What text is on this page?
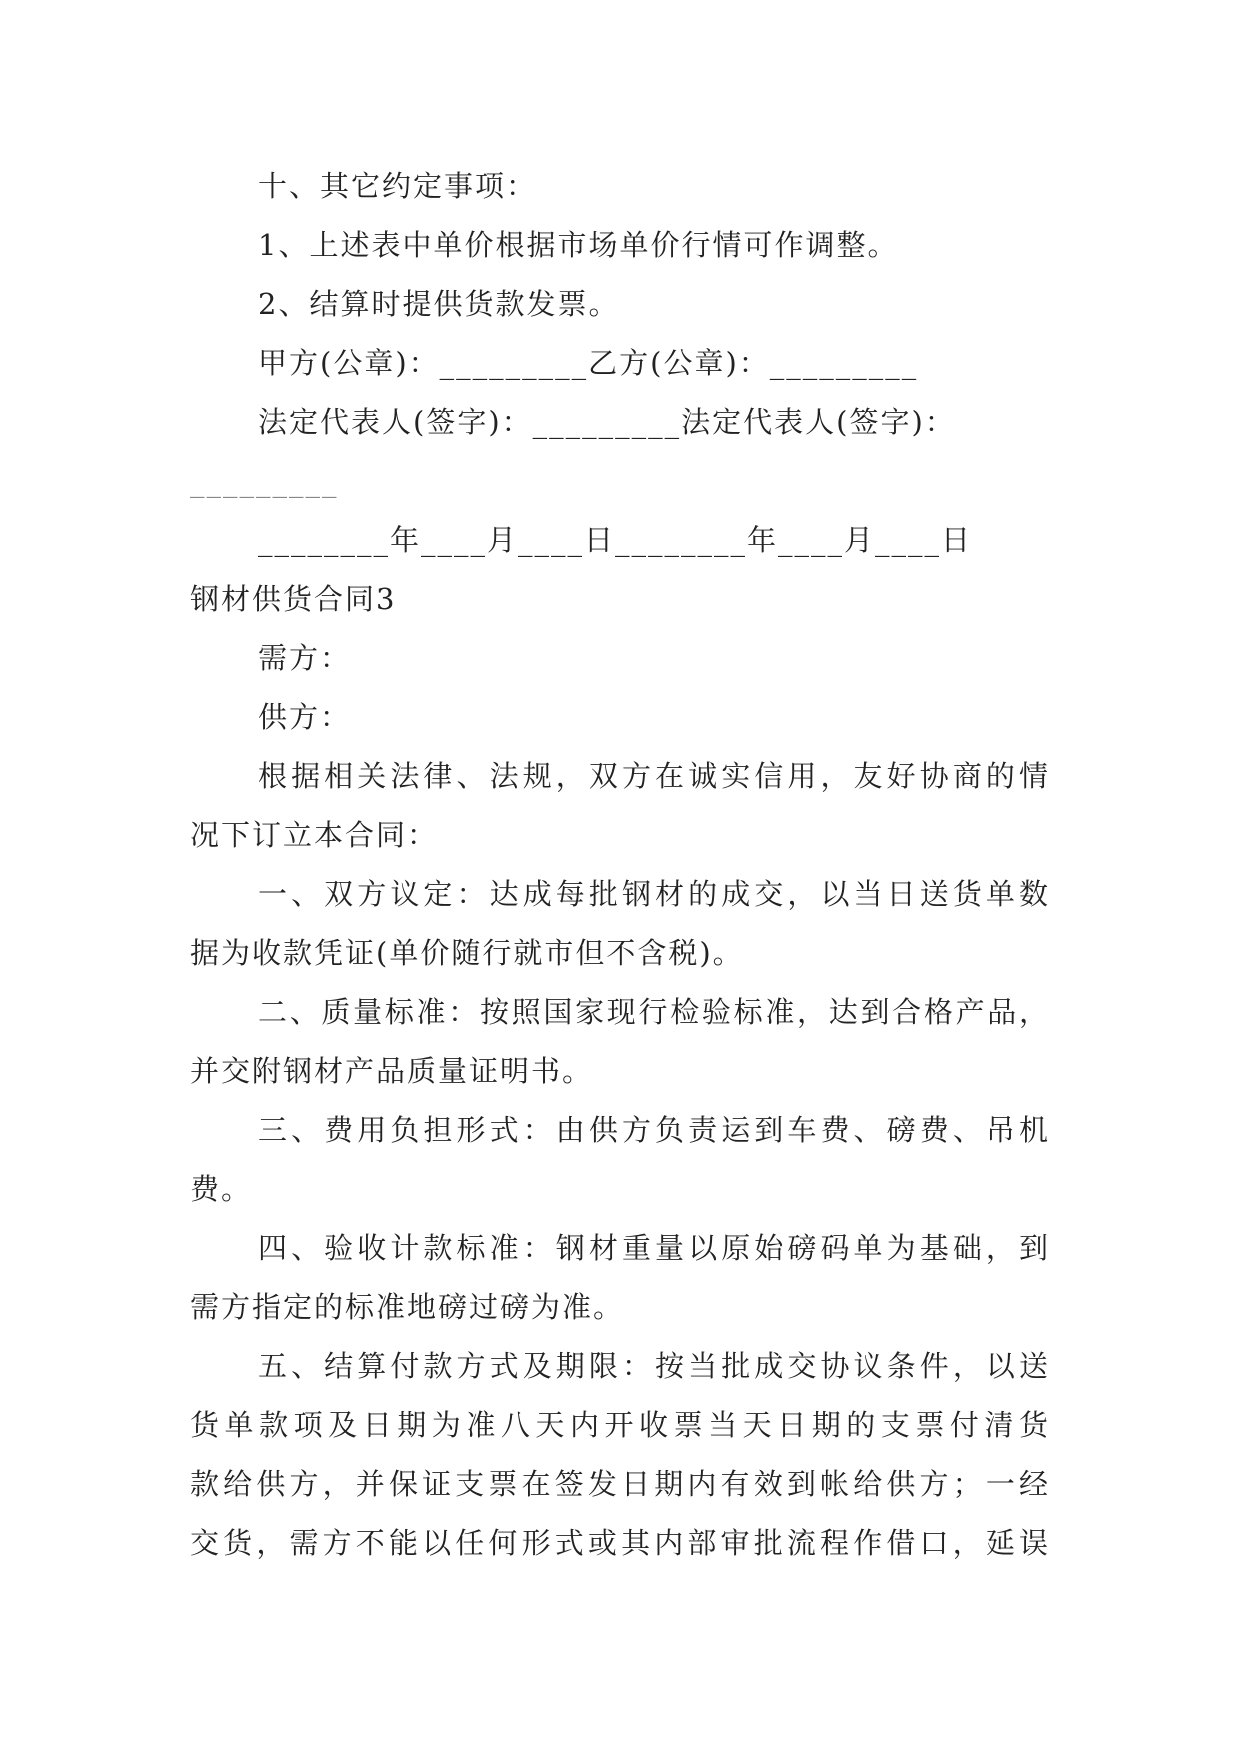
十、其它约定事项：
1、上述表中单价根据市场单价行情可作调整。
2、结算时提供货款发票。
甲方(公章)：_________乙方(公章)：_________
法定代表人(签字)：_________法定代表人(签字)：
_________
________年____月____日________年____月____日
钢材供货合同3
需方：
供方：
根据相关法律、法规，双方在诚实信用，友好协商的情
况下订立本合同：
一、双方议定：达成每批钢材的成交，以当日送货单数
据为收款凭证(单价随行就市但不含税)。
二、质量标准：按照国家现行检验标准，达到合格产品，
并交附钢材产品质量证明书。
三、费用负担形式：由供方负责运到车费、磅费、吊机
费。
四、验收计款标准：钢材重量以原始磅码单为基础，到
需方指定的标准地磅过磅为准。
五、结算付款方式及期限：按当批成交协议条件，以送
货单款项及日期为准八天内开收票当天日期的支票付清货
款给供方，并保证支票在签发日期内有效到帐给供方；一经
交货，需方不能以任何形式或其内部审批流程作借口，延误
